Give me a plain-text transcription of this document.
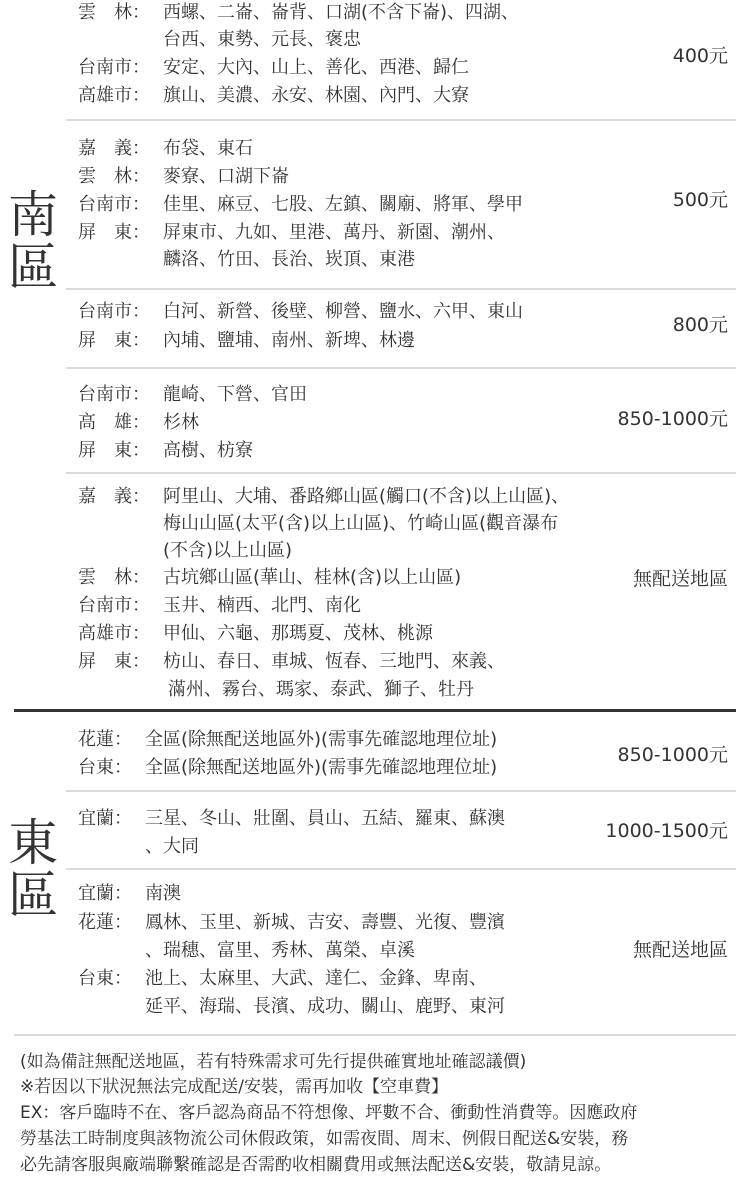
南
區
雲　林： 西螺、二崙、崙背、口湖(不含下崙)、四湖、
台西、東勢、元長、褒忠
台南市： 安定、大內、山上、善化、西港、歸仁
高雄市： 旗山、美濃、永安、林園、內門、大寮
400元
嘉　義： 布袋、東石
雲　林： 麥寮、口湖下崙
台南市： 佳里、麻豆、七股、左鎮、關廟、將軍、學甲
屏　東： 屏東市、九如、里港、萬丹、新園、潮州、
麟洛、竹田、長治、崁頂、東港
500元
台南市： 白河、新營、後壁、柳營、鹽水、六甲、東山
屏　東： 內埔、鹽埔、南州、新埤、林邊
800元
台南市： 龍崎、下營、官田
高　雄： 杉林
屏　東： 高樹、枋寮
850-1000元
嘉　義： 阿里山、大埔、番路鄉山區(觸口(不含)以上山區)、
梅山山區(太平(含)以上山區)、竹崎山區(觀音瀑布
(不含)以上山區)
雲　林： 古坑鄉山區(華山、桂林(含)以上山區)
台南市： 玉井、楠西、北門、南化
高雄市： 甲仙、六龜、那瑪夏、茂林、桃源
屏　東： 枋山、春日、車城、恆春、三地門、來義、
滿州、霧台、瑪家、泰武、獅子、牡丹
無配送地區
東
區
花蓮： 全區(除無配送地區外)(需事先確認地理位址)
台東： 全區(除無配送地區外)(需事先確認地理位址)
850-1000元
宜蘭： 三星、冬山、壯圍、員山、五結、羅東、蘇澳
、大同
1000-1500元
宜蘭： 南澳
花蓮： 鳳林、玉里、新城、吉安、壽豐、光復、豐濱
、瑞穗、富里、秀林、萬榮、卓溪
台東： 池上、太麻里、大武、達仁、金鋒、卑南、
延平、海瑞、長濱、成功、關山、鹿野、東河
無配送地區
(如為備註無配送地區，若有特殊需求可先行提供確實地址確認議價)
※若因以下狀況無法完成配送/安裝，需再加收【空車費】
EX：客戶臨時不在、客戶認為商品不符想像、坪數不合、衝動性消費等。因應政府
勞基法工時制度與該物流公司休假政策，如需夜間、周末、例假日配送&安裝，務
必先請客服與廠端聯繫確認是否需酌收相關費用或無法配送&安裝，敬請見諒。
